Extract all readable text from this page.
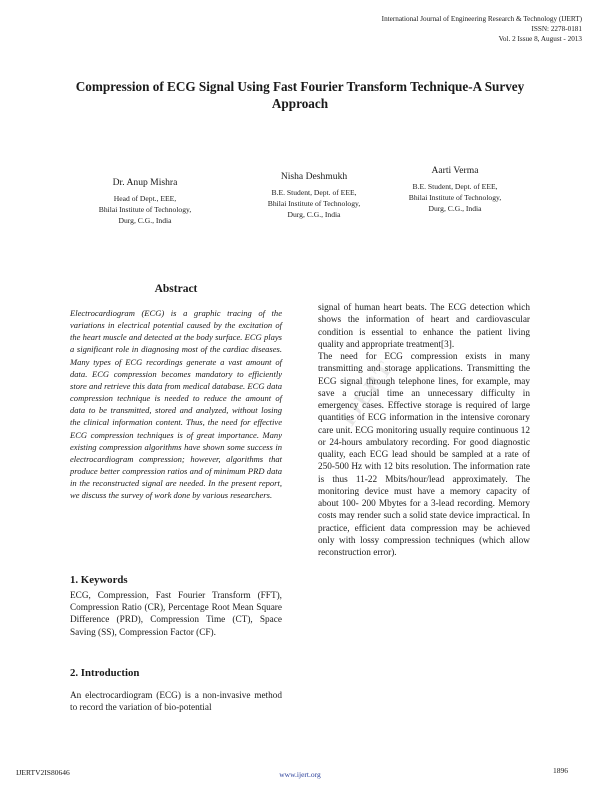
International Journal of Engineering Research & Technology (IJERT)
ISSN: 2278-0181
Vol. 2 Issue 8, August - 2013
Compression of ECG Signal Using Fast Fourier Transform Technique-A Survey Approach
Dr. Anup Mishra
Head of Dept., EEE,
Bhilai Institute of Technology,
Durg, C.G., India
Nisha Deshmukh
B.E. Student, Dept. of EEE,
Bhilai Institute of Technology,
Durg, C.G., India
Aarti Verma
B.E. Student, Dept. of EEE,
Bhilai Institute of Technology,
Durg, C.G., India
Abstract

Electrocardiogram (ECG) is a graphic tracing of the variations in electrical potential caused by the excitation of the heart muscle and detected at the body surface. ECG plays a significant role in diagnosing most of the cardiac diseases. Many types of ECG recordings generate a vast amount of data. ECG compression becomes mandatory to efficiently store and retrieve this data from medical database. ECG data compression technique is needed to reduce the amount of data to be transmitted, stored and analyzed, without losing the clinical information content. Thus, the need for effective ECG compression techniques is of great importance. Many existing compression algorithms have shown some success in electrocardiogram compression; however, algorithms that produce better compression ratios and of minimum PRD data in the reconstructed signal are needed. In the present report, we discuss the survey of work done by various researchers.

1. Keywords

ECG, Compression, Fast Fourier Transform (FFT), Compression Ratio (CR), Percentage Root Mean Square Difference (PRD), Compression Time (CT), Space Saving (SS), Compression Factor (CF).

2. Introduction

An electrocardiogram (ECG) is a non-invasive method to record the variation of bio-potential

signal of human heart beats. The ECG detection which shows the information of heart and cardiovascular condition is essential to enhance the patient living quality and appropriate treatment[3].

The need for ECG compression exists in many transmitting and storage applications. Transmitting the ECG signal through telephone lines, for example, may save a crucial time an unnecessary difficulty in emergency cases. Effective storage is required of large quantities of ECG information in the intensive coronary care unit. ECG monitoring usually require continuous 12 or 24-hours ambulatory recording. For good diagnostic quality, each ECG lead should be sampled at a rate of 250-500 Hz with 12 bits resolution. The information rate is thus 11-22 Mbits/hour/lead approximately. The monitoring device must have a memory capacity of about 100- 200 Mbytes for a 3-lead recording. Memory costs may render such a solid state device impractical. In practice, efficient data compression may be achieved only with lossy compression techniques (which allow reconstruction error).

IJERT
IJERTV2IS80646	www.ijert.org	1896
